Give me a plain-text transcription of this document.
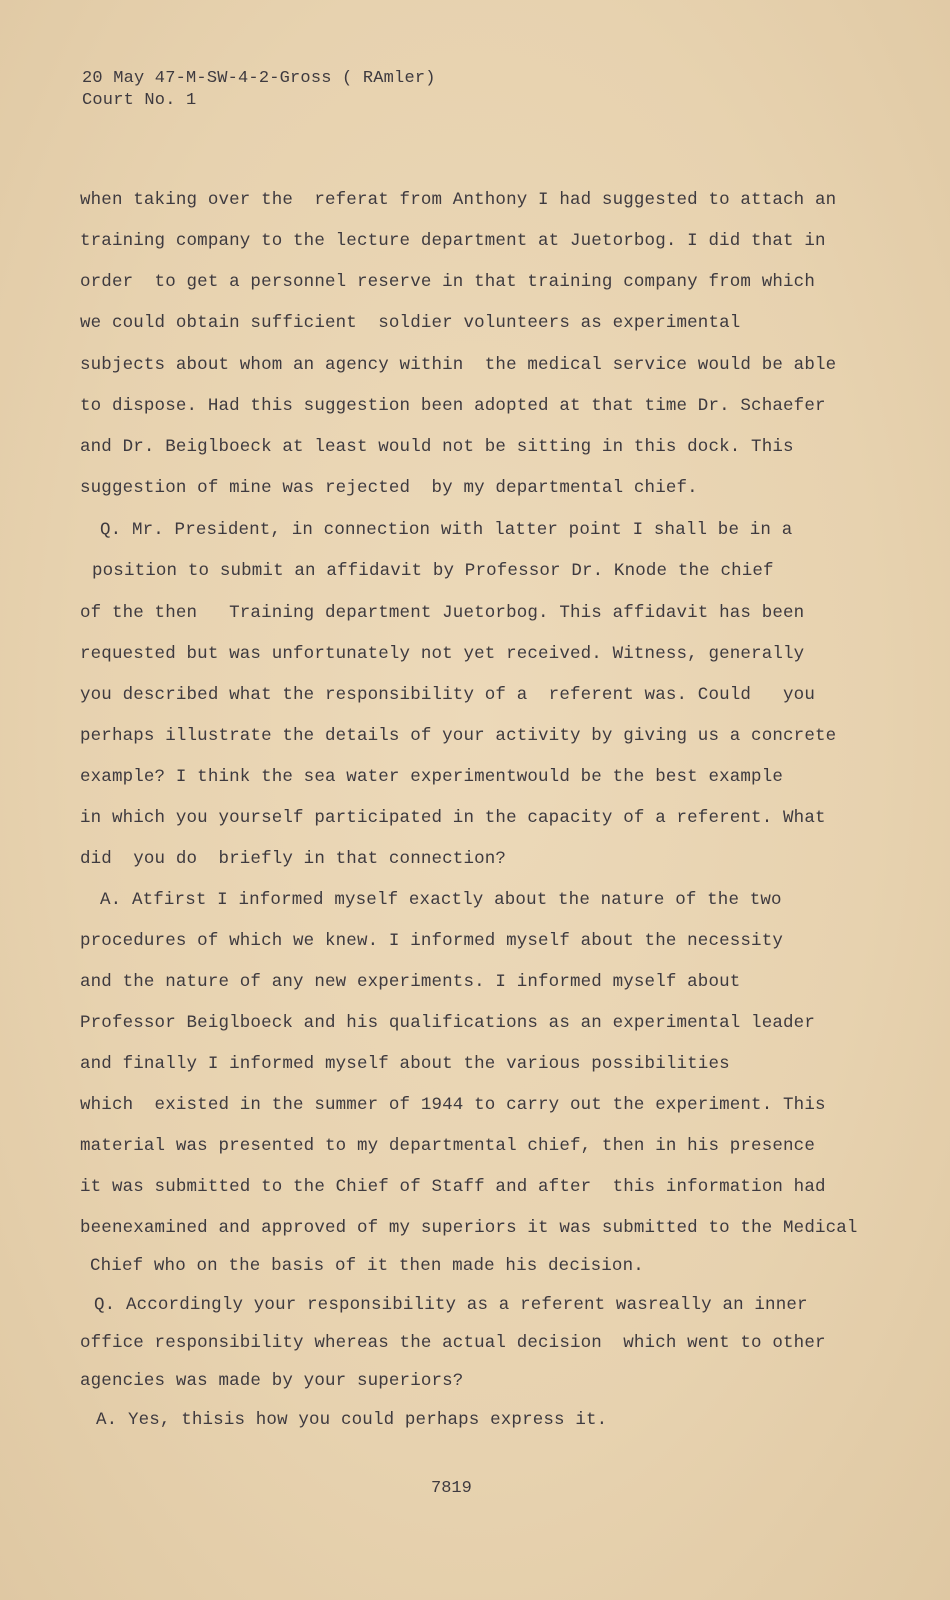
20 May 47-M-SW-4-2-Gross ( RAmler)
Court No. 1
when taking over the  referat from Anthony I had suggested to attach an
training company to the lecture department at Juetorbog. I did that in
order  to get a personnel reserve in that training company from which
we could obtain sufficient  soldier volunteers as experimental
subjects about whom an agency within  the medical service would be able
to dispose. Had this suggestion been adopted at that time Dr. Schaefer
and Dr. Beiglboeck at least would not be sitting in this dock. This
suggestion of mine was rejected  by my departmental chief.
Q. Mr. President, in connection with latter point I shall be in a
position to submit an affidavit by Professor Dr. Knode the chief
of the then   Training department Juetorbog. This affidavit has been
requested but was unfortunately not yet received. Witness, generally
you described what the responsibility of a  referent was. Could   you
perhaps illustrate the details of your activity by giving us a concrete
example? I think the sea water experimentwould be the best example
in which you yourself participated in the capacity of a referent. What
did  you do  briefly in that connection?
A. Atfirst I informed myself exactly about the nature of the two
procedures of which we knew. I informed myself about the necessity
and the nature of any new experiments. I informed myself about
Professor Beiglboeck and his qualifications as an experimental leader
and finally I informed myself about the various possibilities
which  existed in the summer of 1944 to carry out the experiment. This
material was presented to my departmental chief, then in his presence
it was submitted to the Chief of Staff and after  this information had
beenexamined and approved of my superiors it was submitted to the Medical
Chief who on the basis of it then made his decision.
Q. Accordingly your responsibility as a referent wasreally an inner
office responsibility whereas the actual decision  which went to other
agencies was made by your superiors?
A. Yes, thisis how you could perhaps express it.
7819
